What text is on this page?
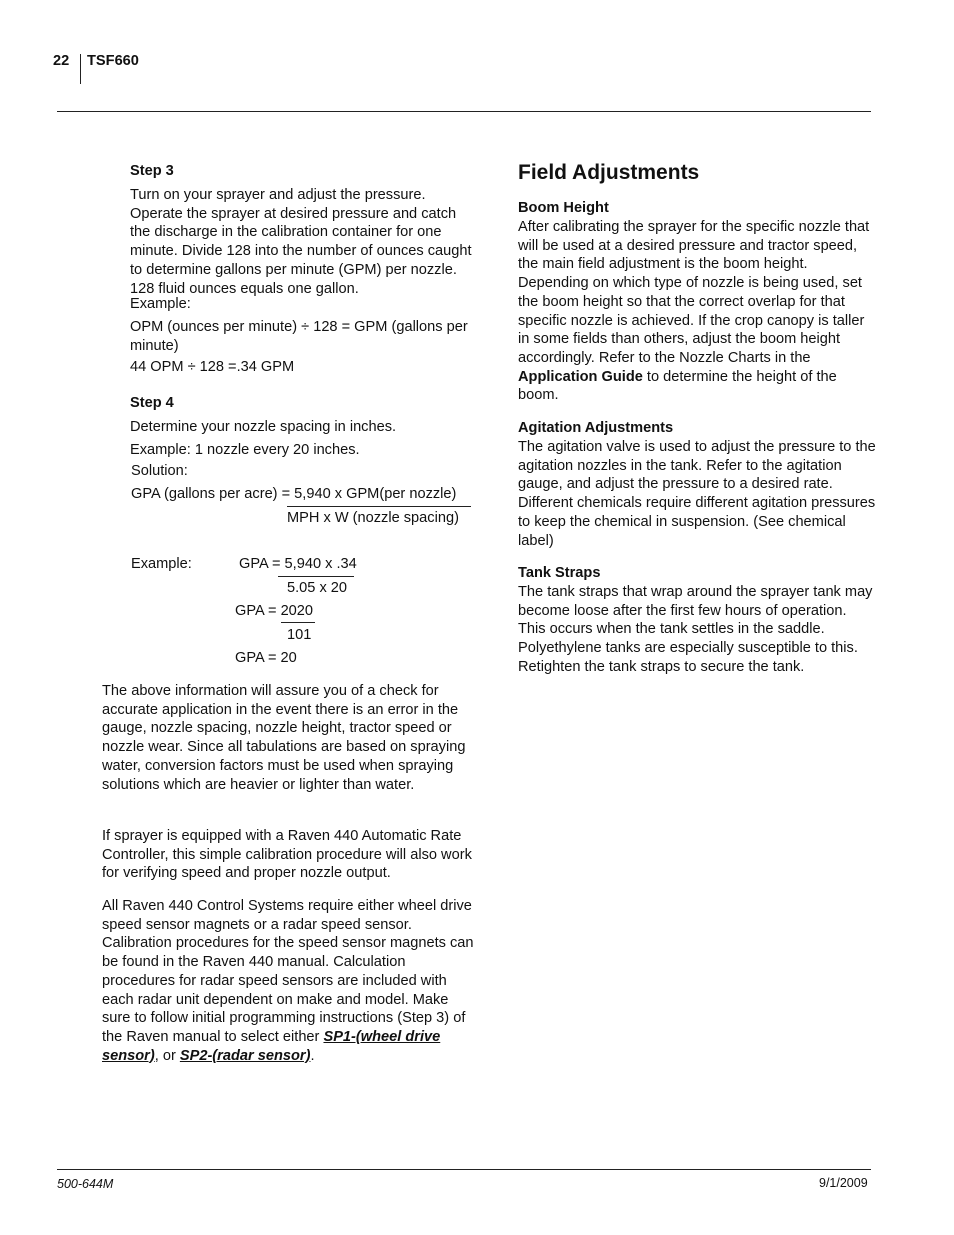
22 TSF660
Step 3

Turn on your sprayer and adjust the pressure. Operate the sprayer at desired pressure and catch the discharge in the calibration container for one minute. Divide 128 into the number of ounces caught to determine gallons per minute (GPM) per nozzle. 128 fluid ounces equals one gallon.

Example:

OPM (ounces per minute) ÷ 128 = GPM (gallons per minute)

44 OPM ÷ 128 =.34 GPM
Step 4
Determine your nozzle spacing in inches.
Example: 1 nozzle every 20 inches.
Solution:
GPA (gallons per acre) = 5,940 x GPM(per nozzle)
MPH x W (nozzle spacing)
Example:	GPA = 5,940 x .34
5.05 x 20
GPA = 2020
101
GPA = 20

The above information will assure you of a check for accurate application in the event there is an error in the gauge, nozzle spacing, nozzle height, tractor speed or nozzle wear. Since all tabulations are based on spraying water, conversion factors must be used when spraying solutions which are heavier or lighter than water.

If sprayer is equipped with a Raven 440 Automatic Rate Controller, this simple calibration procedure will also work for verifying speed and proper nozzle output.

All Raven 440 Control Systems require either wheel drive speed sensor magnets or a radar speed sensor. Calibration procedures for the speed sensor magnets can be found in the Raven 440 manual. Calculation procedures for radar speed sensors are included with each radar unit dependent on make and model. Make sure to follow initial programming instructions (Step 3) of the Raven manual to select either SP1-(wheel drive sensor), or SP2-(radar sensor).

Field Adjustments
Boom Height

After calibrating the sprayer for the specific nozzle that will be used at a desired pressure and tractor speed, the main field adjustment is the boom height. Depending on which type of nozzle is being used, set the boom height so that the correct overlap for that specific nozzle is achieved. If the crop canopy is taller in some fields than others, adjust the boom height accordingly. Refer to the Nozzle Charts in the Application Guide to determine the height of the boom.

Agitation Adjustments

The agitation valve is used to adjust the pressure to the agitation nozzles in the tank. Refer to the agitation gauge, and adjust the pressure to a desired rate. Different chemicals require different agitation pressures to keep the chemical in suspension. (See chemical label)

Tank Straps

The tank straps that wrap around the sprayer tank may become loose after the first few hours of operation. This occurs when the tank settles in the saddle. Polyethylene tanks are especially susceptible to this. Retighten the tank straps to secure the tank.

500-644M	9/1/2009
